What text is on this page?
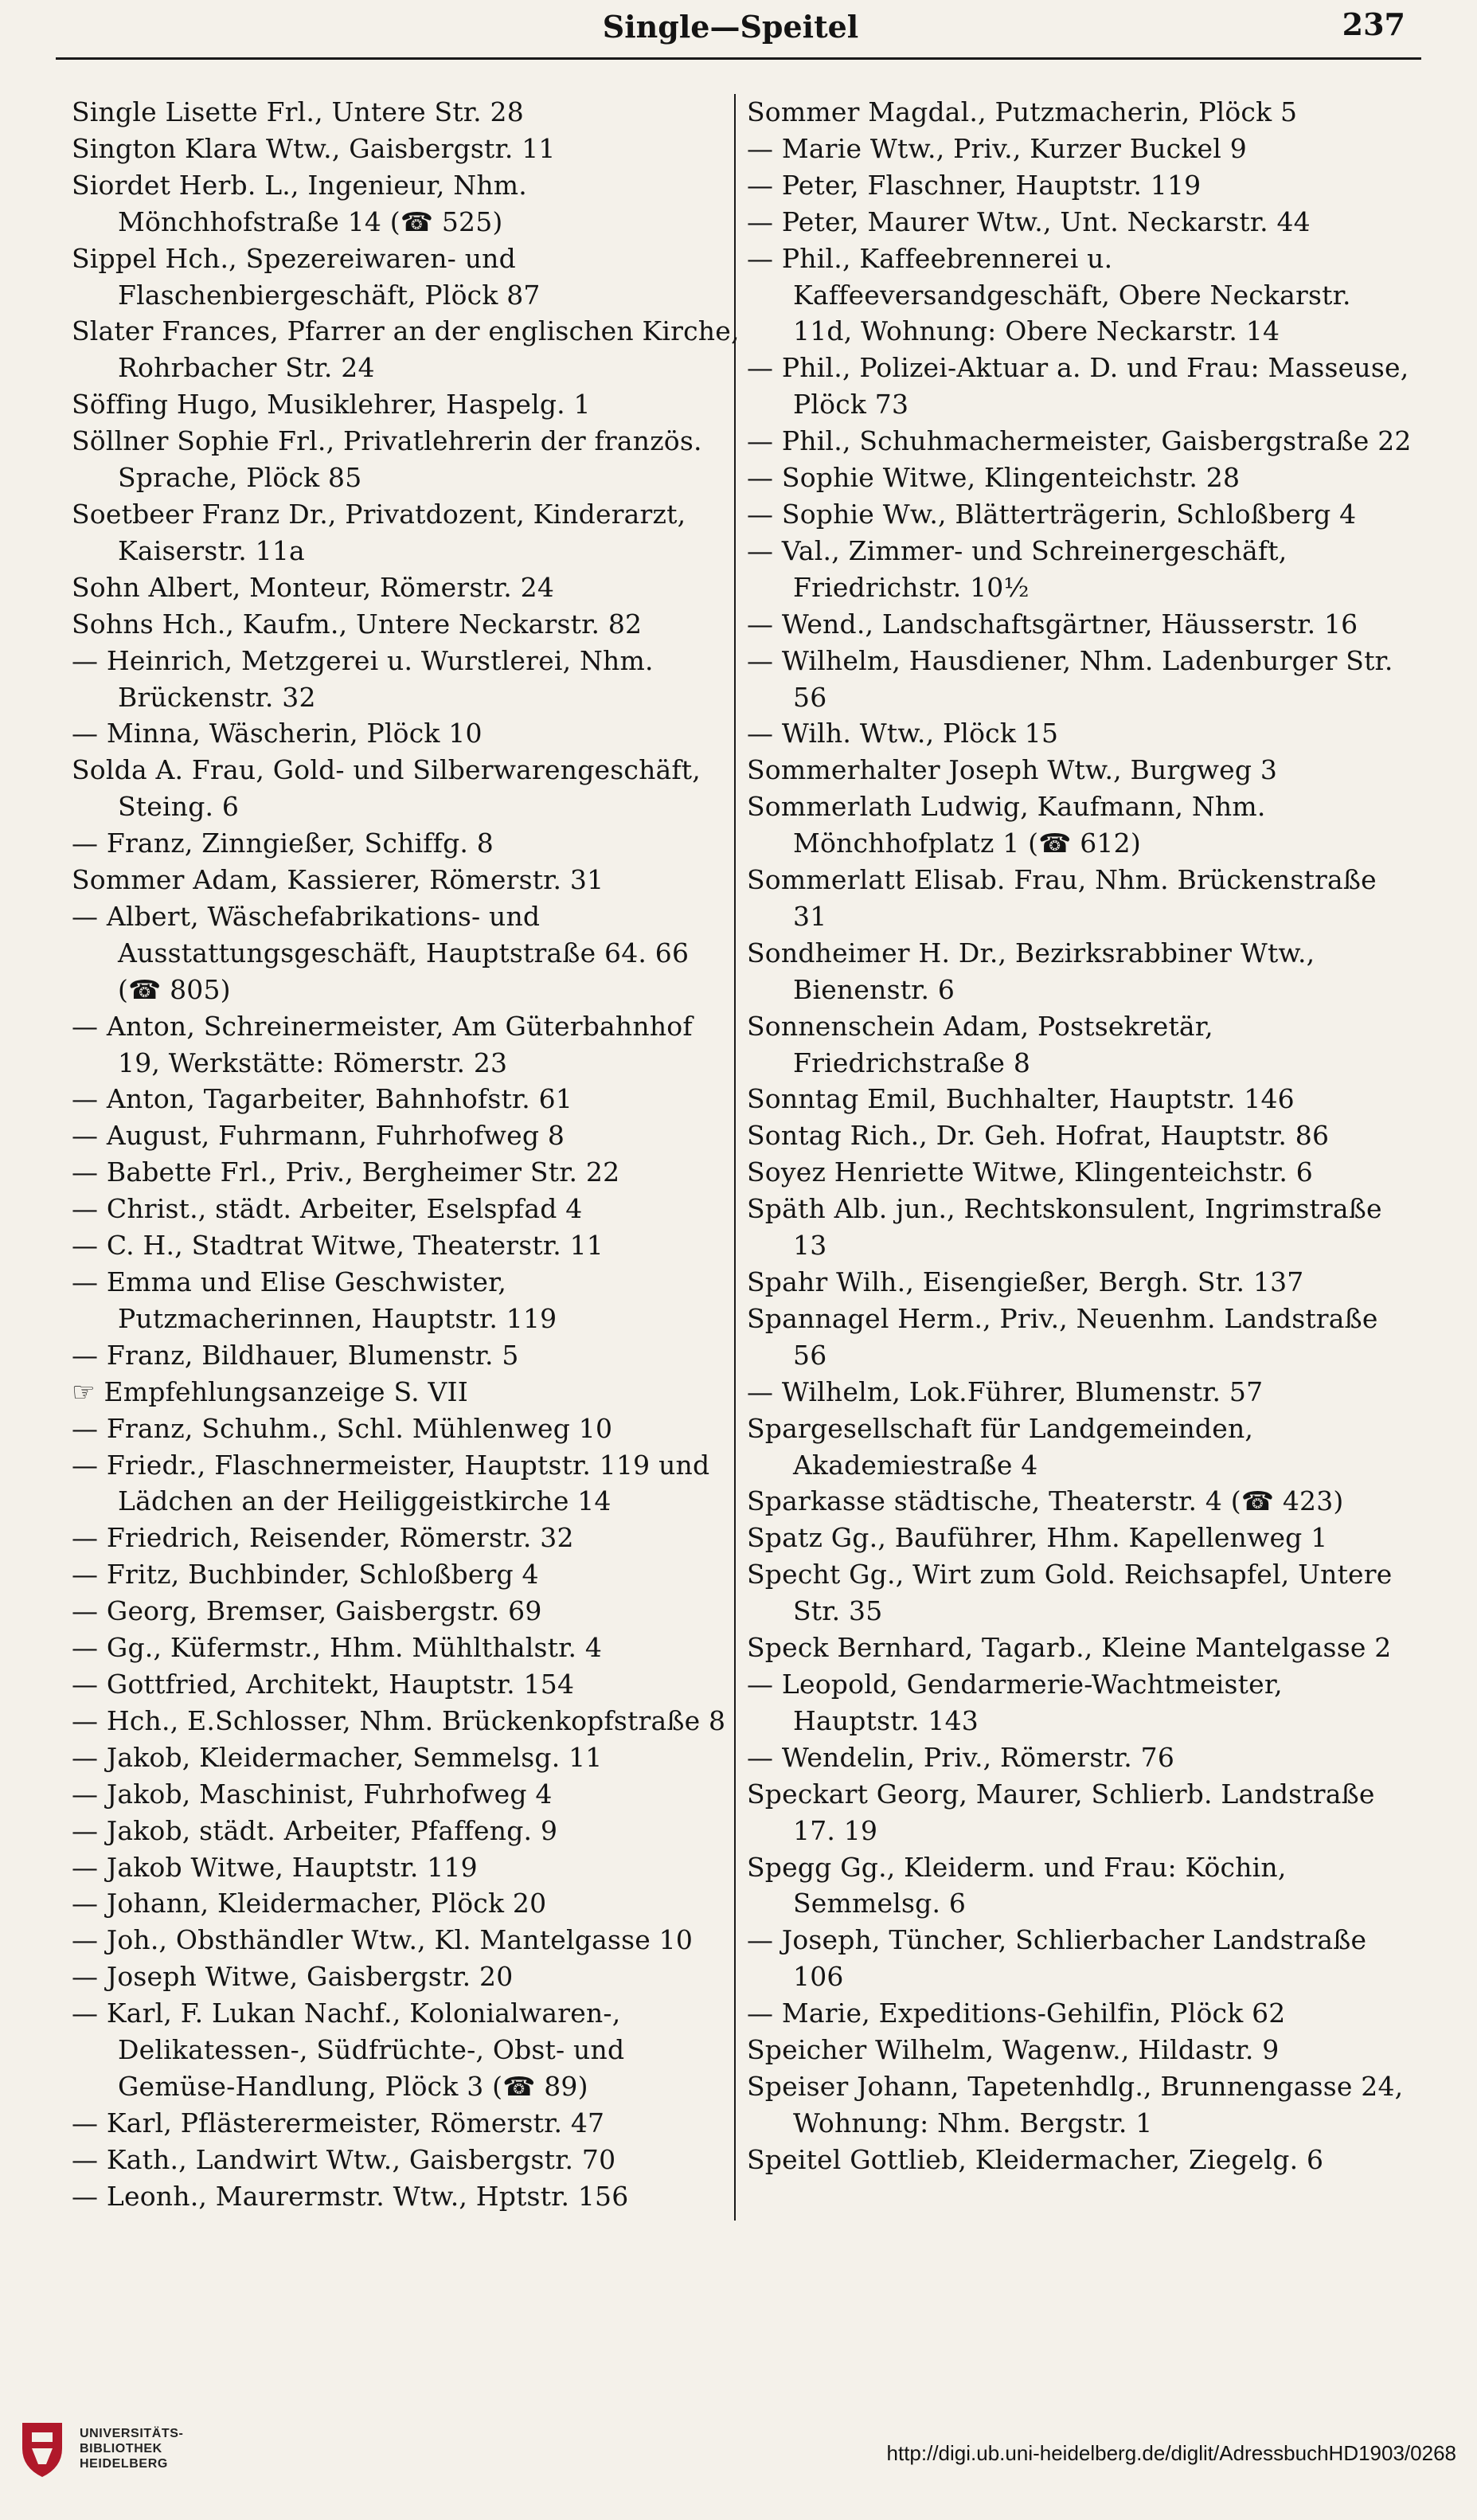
Single—Speitel	237

Single Lisette Frl., Untere Str. 28

Sington Klara Wtw., Gaisbergstr. 11

Siordet Herb. L., Ingenieur, Nhm. Mönchhofstraße 14 (☎ 525)

Sippel Hch., Spezereiwaren- und Flaschenbiergeschäft, Plöck 87

Slater Frances, Pfarrer an der englischen Kirche, Rohrbacher Str. 24

Söffing Hugo, Musiklehrer, Haspelg. 1

Söllner Sophie Frl., Privatlehrerin der französ. Sprache, Plöck 85

Soetbeer Franz Dr., Privatdozent, Kinderarzt, Kaiserstr. 11a

Sohn Albert, Monteur, Römerstr. 24

Sohns Hch., Kaufm., Untere Neckarstr. 82

— Heinrich, Metzgerei u. Wurstlerei, Nhm. Brückenstr. 32

— Minna, Wäscherin, Plöck 10

Solda A. Frau, Gold- und Silberwarengeschäft, Steing. 6

— Franz, Zinngießer, Schiffg. 8

Sommer Adam, Kassierer, Römerstr. 31

— Albert, Wäschefabrikations- und Ausstattungsgeschäft, Hauptstraße 64. 66 (☎ 805)

— Anton, Schreinermeister, Am Güterbahnhof 19, Werkstätte: Römerstr. 23

— Anton, Tagarbeiter, Bahnhofstr. 61

— August, Fuhrmann, Fuhrhofweg 8

— Babette Frl., Priv., Bergheimer Str. 22

— Christ., städt. Arbeiter, Eselspfad 4

— C. H., Stadtrat Witwe, Theaterstr. 11

— Emma und Elise Geschwister, Putzmacherinnen, Hauptstr. 119

— Franz, Bildhauer, Blumenstr. 5

☞ Empfehlungsanzeige S. VII

— Franz, Schuhm., Schl. Mühlenweg 10

— Friedr., Flaschnermeister, Hauptstr. 119 und Lädchen an der Heiliggeistkirche 14

— Friedrich, Reisender, Römerstr. 32

— Fritz, Buchbinder, Schloßberg 4

— Georg, Bremser, Gaisbergstr. 69

— Gg., Küfermstr., Hhm. Mühlthalstr. 4

— Gottfried, Architekt, Hauptstr. 154

— Hch., E.Schlosser, Nhm. Brückenkopfstraße 8

— Jakob, Kleidermacher, Semmelsg. 11

— Jakob, Maschinist, Fuhrhofweg 4

— Jakob, städt. Arbeiter, Pfaffeng. 9

— Jakob Witwe, Hauptstr. 119

— Johann, Kleidermacher, Plöck 20

— Joh., Obsthändler Wtw., Kl. Mantelgasse 10

— Joseph Witwe, Gaisbergstr. 20

— Karl, F. Lukan Nachf., Kolonialwaren-, Delikatessen-, Südfrüchte-, Obst- und Gemüse-Handlung, Plöck 3 (☎ 89)

— Karl, Pflästerermeister, Römerstr. 47

— Kath., Landwirt Wtw., Gaisbergstr. 70

— Leonh., Maurermstr. Wtw., Hptstr. 156

Sommer Magdal., Putzmacherin, Plöck 5

— Marie Wtw., Priv., Kurzer Buckel 9

— Peter, Flaschner, Hauptstr. 119

— Peter, Maurer Wtw., Unt. Neckarstr. 44

— Phil., Kaffeebrennerei u. Kaffeeversandgeschäft, Obere Neckarstr. 11d, Wohnung: Obere Neckarstr. 14

— Phil., Polizei-Aktuar a. D. und Frau: Masseuse, Plöck 73

— Phil., Schuhmachermeister, Gaisbergstraße 22

— Sophie Witwe, Klingenteichstr. 28

— Sophie Ww., Blätterträgerin, Schloßberg 4

— Val., Zimmer- und Schreinergeschäft, Friedrichstr. 10½

— Wend., Landschaftsgärtner, Häusserstr. 16

— Wilhelm, Hausdiener, Nhm. Ladenburger Str. 56

— Wilh. Wtw., Plöck 15

Sommerhalter Joseph Wtw., Burgweg 3

Sommerlath Ludwig, Kaufmann, Nhm. Mönchhofplatz 1 (☎ 612)

Sommerlatt Elisab. Frau, Nhm. Brückenstraße 31

Sondheimer H. Dr., Bezirksrabbiner Wtw., Bienenstr. 6

Sonnenschein Adam, Postsekretär, Friedrichstraße 8

Sonntag Emil, Buchhalter, Hauptstr. 146

Sontag Rich., Dr. Geh. Hofrat, Hauptstr. 86

Soyez Henriette Witwe, Klingenteichstr. 6

Späth Alb. jun., Rechtskonsulent, Ingrimstraße 13

Spahr Wilh., Eisengießer, Bergh. Str. 137

Spannagel Herm., Priv., Neuenhm. Landstraße 56

— Wilhelm, Lok.Führer, Blumenstr. 57

Spargesellschaft für Landgemeinden, Akademiestraße 4

Sparkasse städtische, Theaterstr. 4 (☎ 423)

Spatz Gg., Bauführer, Hhm. Kapellenweg 1

Specht Gg., Wirt zum Gold. Reichsapfel, Untere Str. 35

Speck Bernhard, Tagarb., Kleine Mantelgasse 2

— Leopold, Gendarmerie-Wachtmeister, Hauptstr. 143

— Wendelin, Priv., Römerstr. 76

Speckart Georg, Maurer, Schlierb. Landstraße 17. 19

Spegg Gg., Kleiderm. und Frau: Köchin, Semmelsg. 6

— Joseph, Tüncher, Schlierbacher Landstraße 106

— Marie, Expeditions-Gehilfin, Plöck 62

Speicher Wilhelm, Wagenw., Hildastr. 9

Speiser Johann, Tapetenhdlg., Brunnengasse 24, Wohnung: Nhm. Bergstr. 1

Speitel Gottlieb, Kleidermacher, Ziegelg. 6

UNIVERSITÄTS-
BIBLIOTHEK
HEIDELBERG	http://digi.ub.uni-heidelberg.de/diglit/AdressbuchHD1903/0268
